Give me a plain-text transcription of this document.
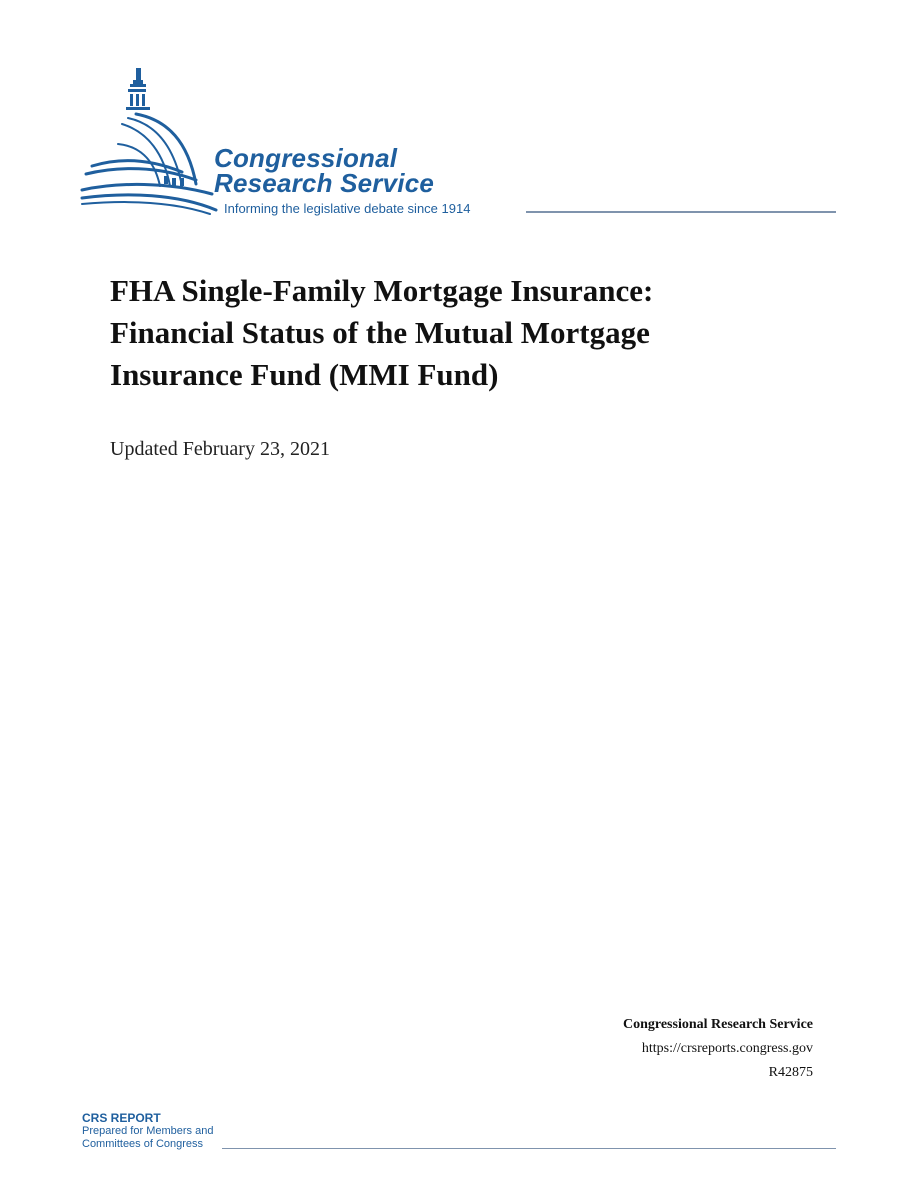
Congressional
Research Service
Informing the legislative debate since 1914
FHA Single-Family Mortgage Insurance:
Financial Status of the Mutual Mortgage
Insurance Fund (MMI Fund)
Updated February 23, 2021
Congressional Research Service
https://crsreports.congress.gov
R42875
CRS REPORT
Prepared for Members and
Committees of Congress
